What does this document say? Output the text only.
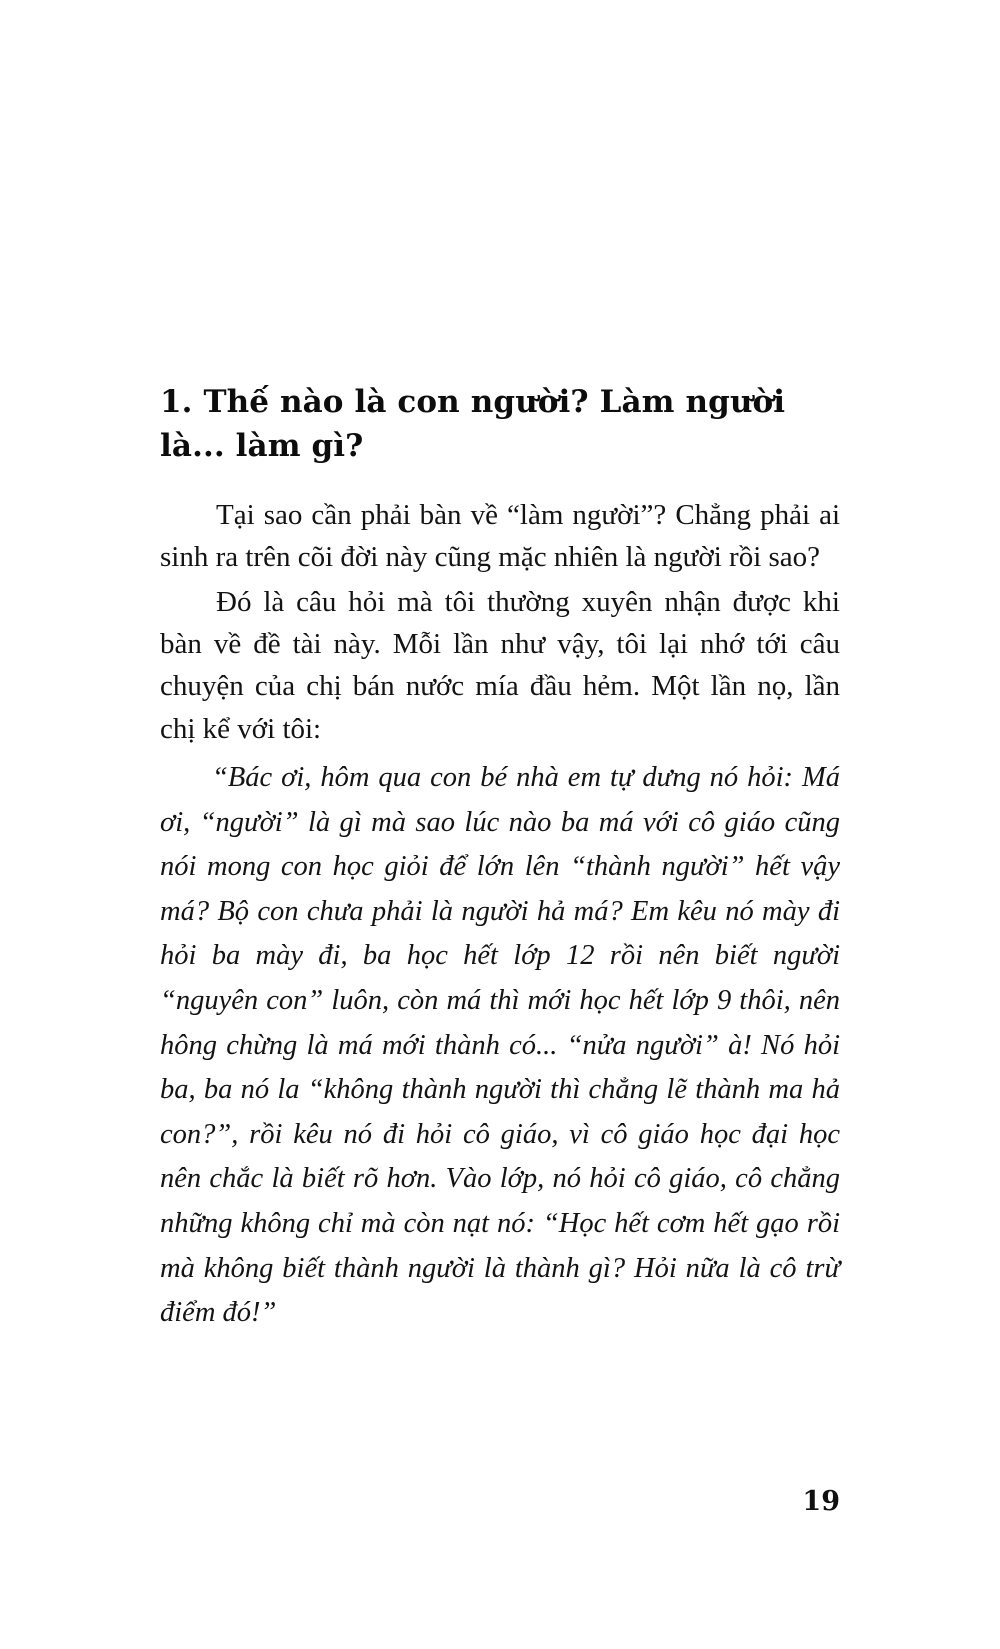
1. Thế nào là con người? Làm người là... làm gì?

Tại sao cần phải bàn về “làm người”? Chẳng phải ai sinh ra trên cõi đời này cũng mặc nhiên là người rồi sao?

Đó là câu hỏi mà tôi thường xuyên nhận được khi bàn về đề tài này. Mỗi lần như vậy, tôi lại nhớ tới câu chuyện của chị bán nước mía đầu hẻm. Một lần nọ, lần chị kể với tôi:

“Bác ơi, hôm qua con bé nhà em tự dưng nó hỏi: Má ơi, “người” là gì mà sao lúc nào ba má với cô giáo cũng nói mong con học giỏi để lớn lên “thành người” hết vậy má? Bộ con chưa phải là người hả má? Em kêu nó mày đi hỏi ba mày đi, ba học hết lớp 12 rồi nên biết người “nguyên con” luôn, còn má thì mới học hết lớp 9 thôi, nên hông chừng là má mới thành có... “nửa người” à! Nó hỏi ba, ba nó la “không thành người thì chẳng lẽ thành ma hả con?”, rồi kêu nó đi hỏi cô giáo, vì cô giáo học đại học nên chắc là biết rõ hơn. Vào lớp, nó hỏi cô giáo, cô chẳng những không chỉ mà còn nạt nó: “Học hết cơm hết gạo rồi mà không biết thành người là thành gì? Hỏi nữa là cô trừ điểm đó!”

19
